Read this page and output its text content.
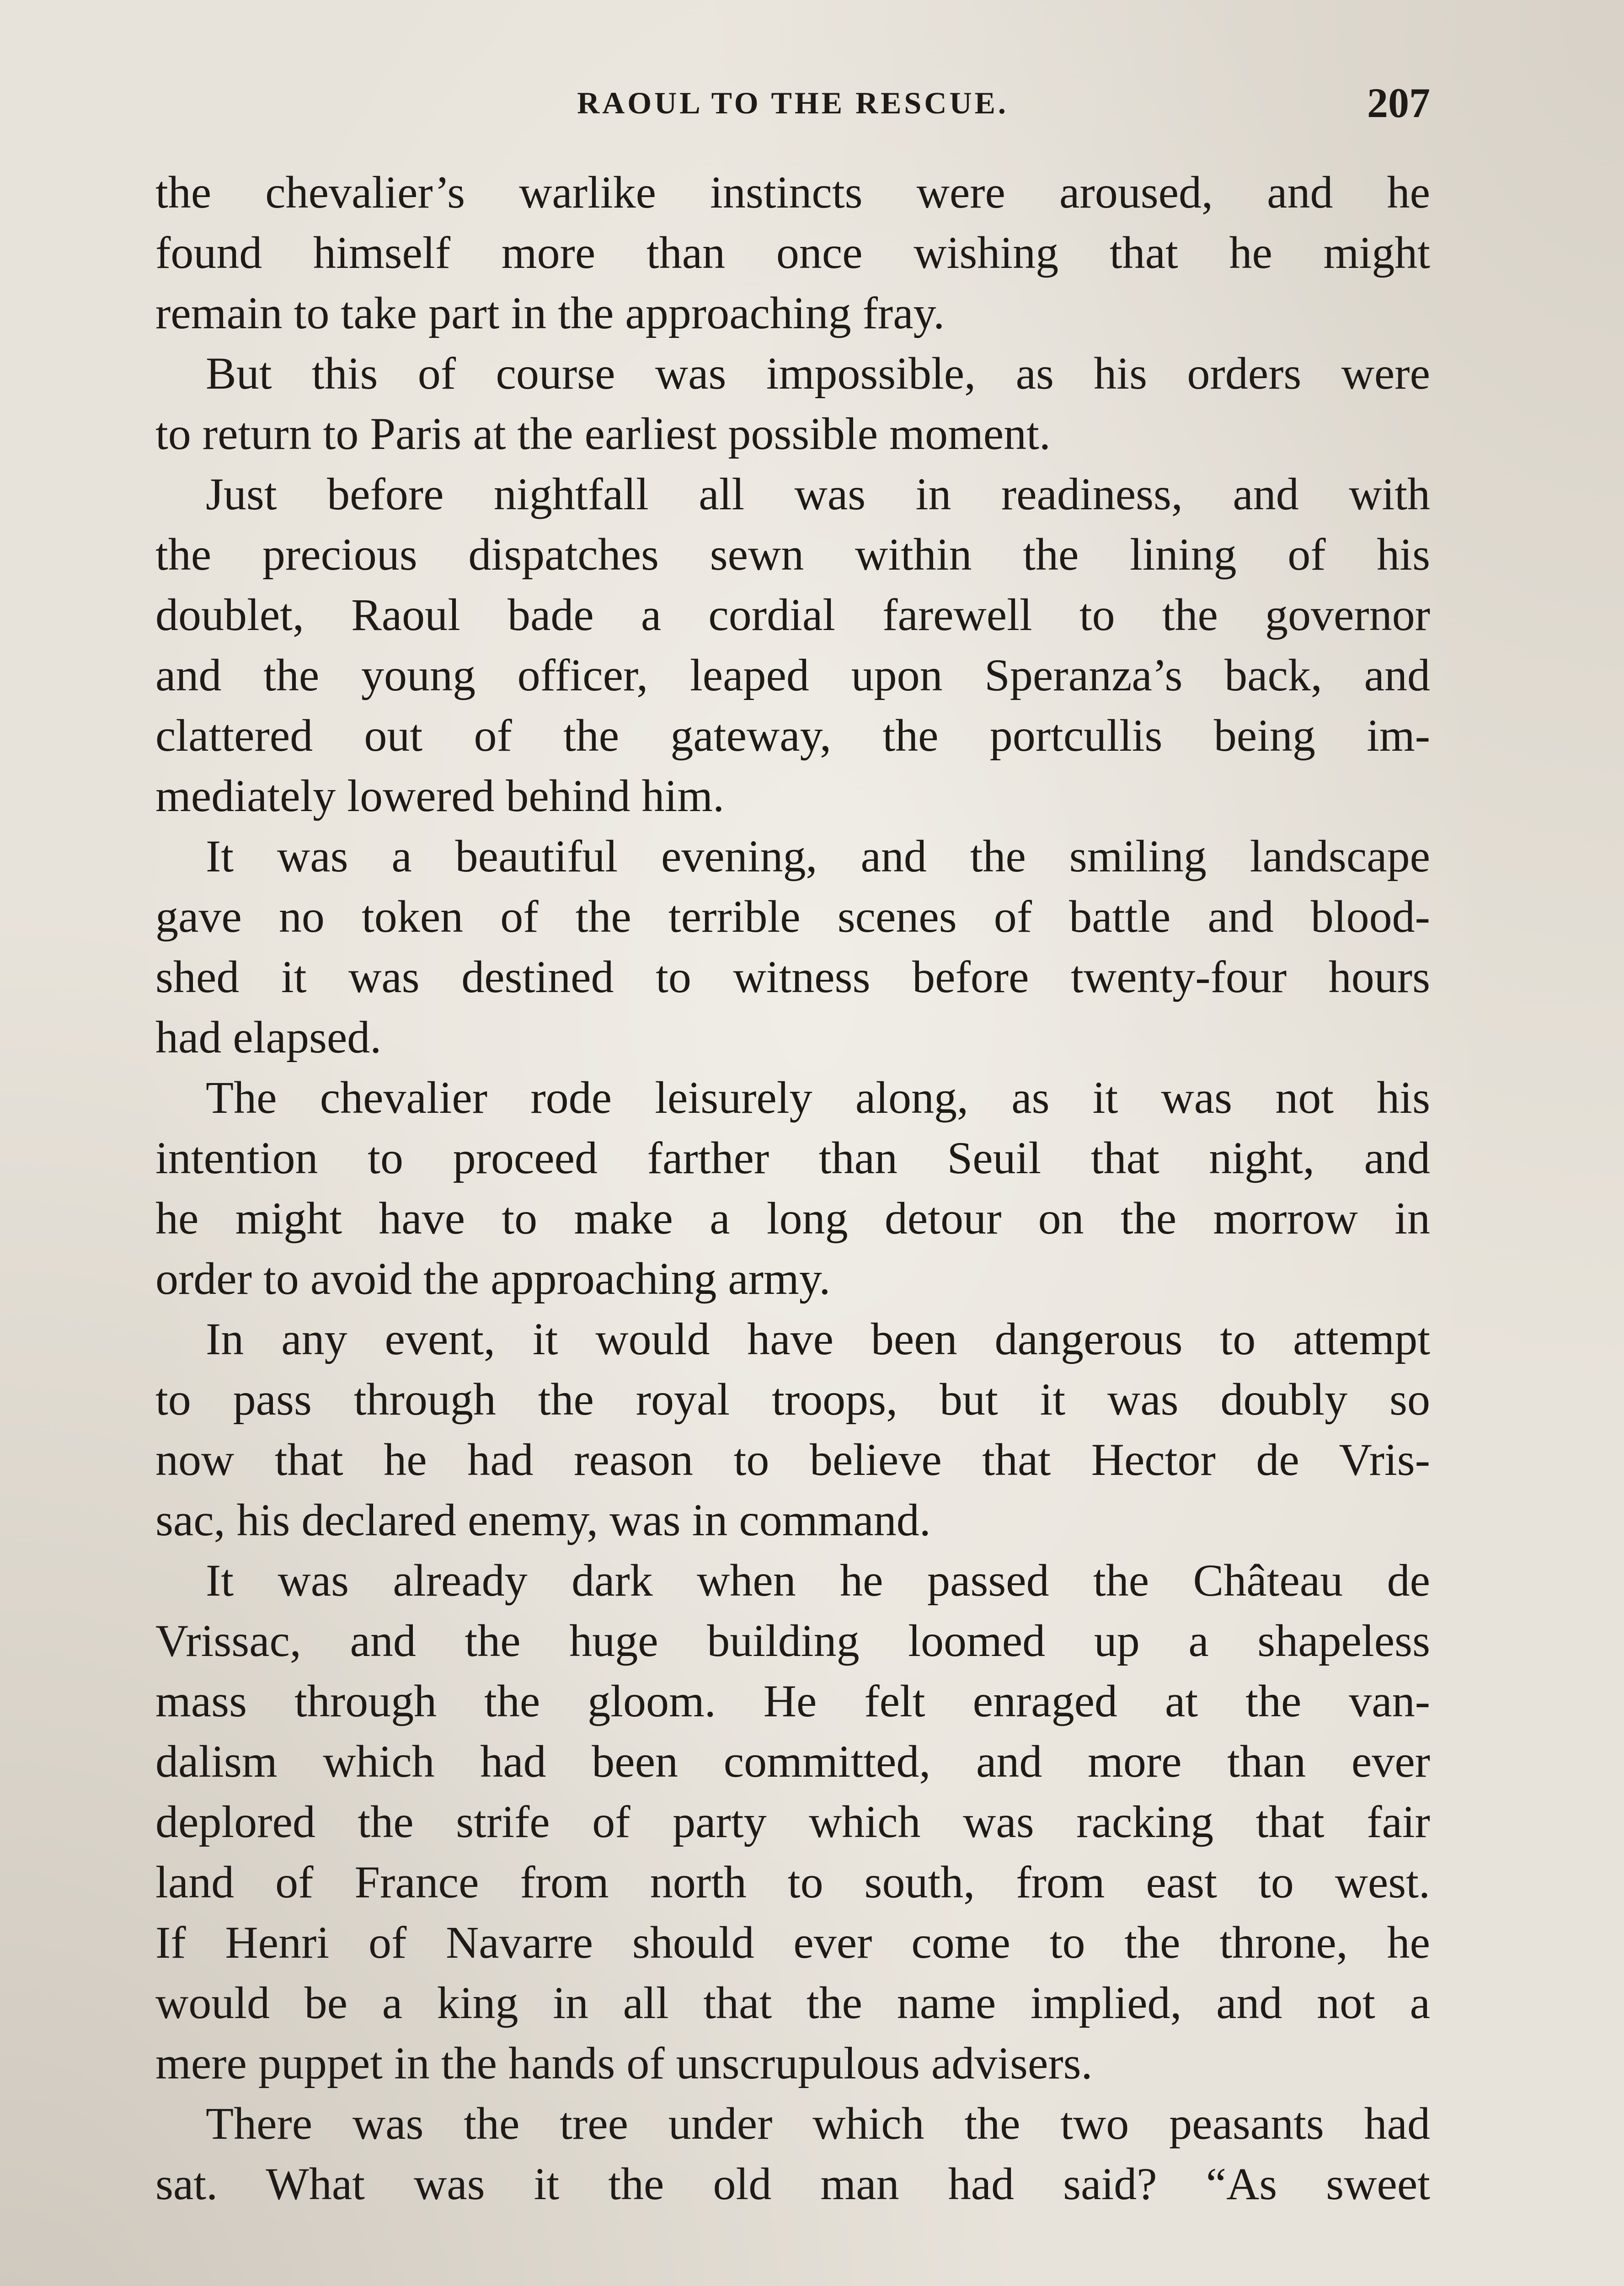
RAOUL TO THE RESCUE.	207
the chevalier’s warlike instincts were aroused, and he
found himself more than once wishing that he might
remain to take part in the approaching fray.
But this of course was impossible, as his orders were
to return to Paris at the earliest possible moment.
Just before nightfall all was in readiness, and with
the precious dispatches sewn within the lining of his
doublet, Raoul bade a cordial farewell to the governor
and the young officer, leaped upon Speranza’s back, and
clattered out of the gateway, the portcullis being im-
mediately lowered behind him.
It was a beautiful evening, and the smiling landscape
gave no token of the terrible scenes of battle and blood-
shed it was destined to witness before twenty-four hours
had elapsed.
The chevalier rode leisurely along, as it was not his
intention to proceed farther than Seuil that night, and
he might have to make a long detour on the morrow in
order to avoid the approaching army.
In any event, it would have been dangerous to attempt
to pass through the royal troops, but it was doubly so
now that he had reason to believe that Hector de Vris-
sac, his declared enemy, was in command.
It was already dark when he passed the Château de
Vrissac, and the huge building loomed up a shapeless
mass through the gloom. He felt enraged at the van-
dalism which had been committed, and more than ever
deplored the strife of party which was racking that fair
land of France from north to south, from east to west.
If Henri of Navarre should ever come to the throne, he
would be a king in all that the name implied, and not a
mere puppet in the hands of unscrupulous advisers.
There was the tree under which the two peasants had
sat. What was it the old man had said? “As sweet
